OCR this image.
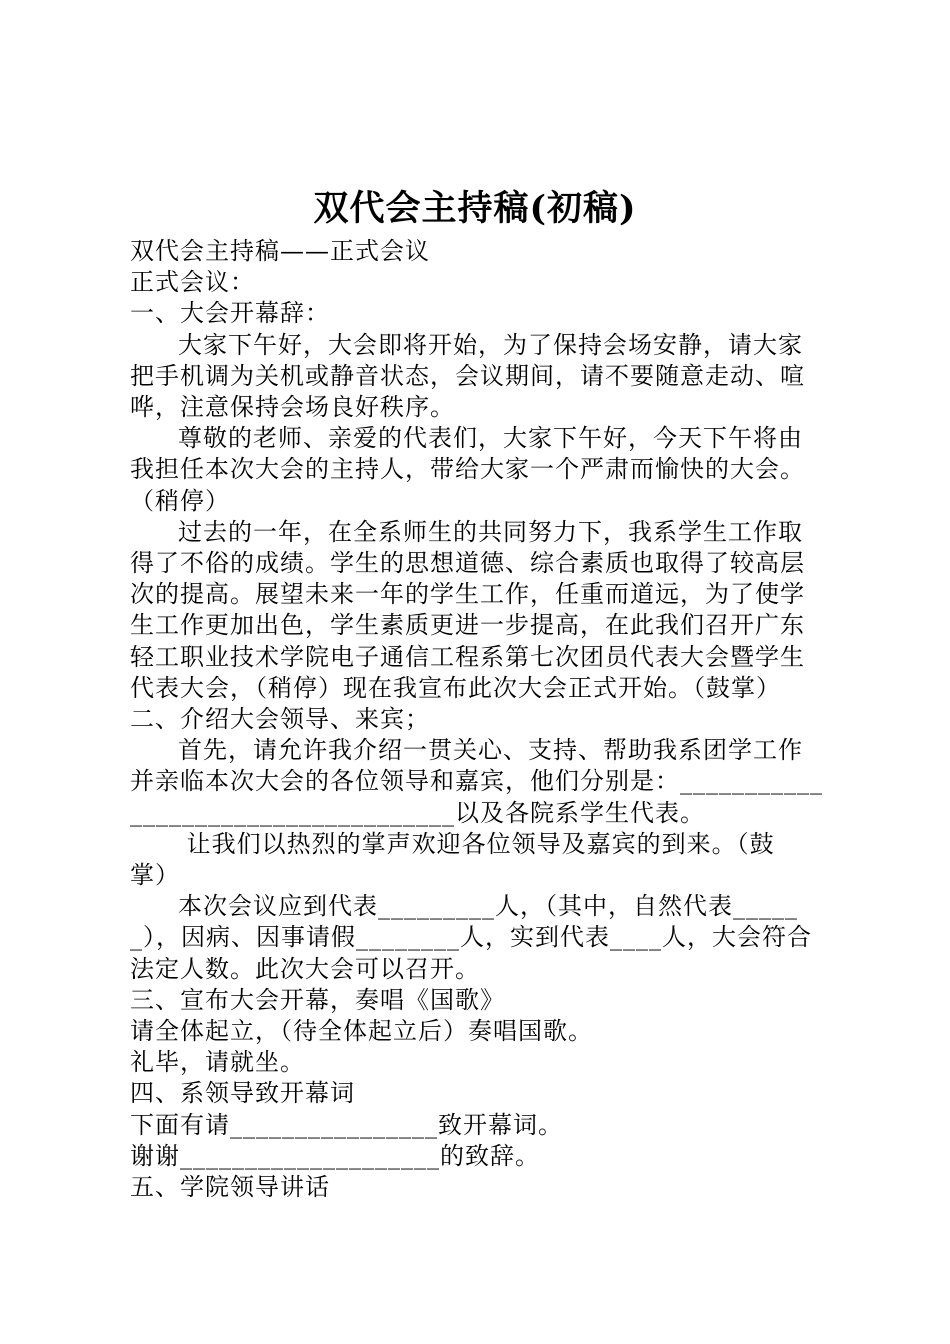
双代会主持稿(初稿)

双代会主持稿——正式会议

正式会议：

一、大会开幕辞：

大家下午好，大会即将开始，为了保持会场安静，请大家
把手机调为关机或静音状态，会议期间，请不要随意走动、喧
哗，注意保持会场良好秩序。
尊敬的老师、亲爱的代表们，大家下午好，今天下午将由
我担任本次大会的主持人，带给大家一个严肃而愉快的大会。
（稍停）
过去的一年，在全系师生的共同努力下，我系学生工作取
得了不俗的成绩。学生的思想道德、综合素质也取得了较高层
次的提高。展望未来一年的学生工作，任重而道远，为了使学
生工作更加出色，学生素质更进一步提高，在此我们召开广东
轻工职业技术学院电子通信工程系第七次团员代表大会暨学生
代表大会，（稍停）现在我宣布此次大会正式开始。（鼓掌）

二、介绍大会领导、来宾；

首先，请允许我介绍一贯关心、支持、帮助我系团学工作
并亲临本次大会的各位领导和嘉宾，他们分别是：___________
_________________________以及各院系学生代表。
让我们以热烈的掌声欢迎各位领导及嘉宾的到来。（鼓
掌）
本次会议应到代表_________人，（其中，自然代表_____
_），因病、因事请假________人，实到代表____人，大会符合
法定人数。此次大会可以召开。

三、宣布大会开幕，奏唱《国歌》

请全体起立，（待全体起立后）奏唱国歌。

礼毕，请就坐。

四、系领导致开幕词

下面有请________________致开幕词。

谢谢____________________的致辞。

五、学院领导讲话
